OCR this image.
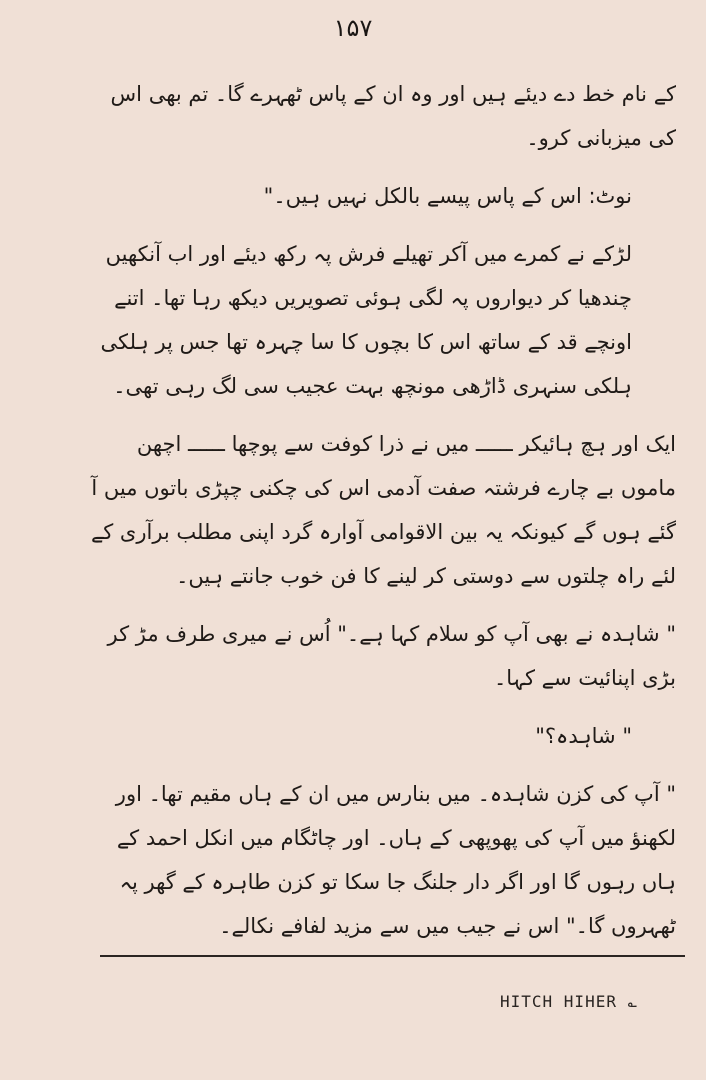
۱۵۷

کے نام خط دے دیئے ہیں اور وہ ان کے پاس ٹھہرے گا۔ تم بھی اس کی میزبانی کرو۔

نوٹ: اس کے پاس پیسے بالکل نہیں ہیں۔"

لڑکے نے کمرے میں آکر تھیلے فرش پہ رکھ دیئے اور اب آنکھیں چندھیا کر دیواروں پہ لگی ہوئی تصویریں دیکھ رہا تھا۔ اتنے اونچے قد کے ساتھ اس کا بچوں کا سا چہرہ تھا جس پر ہلکی ہلکی سنہری ڈاڑھی مونچھ بہت عجیب سی لگ رہی تھی۔

ایک اور ہچ ہائیکر ــــــ میں نے ذرا کوفت سے پوچھا ــــــ اچھن ماموں بے چارے فرشتہ صفت آدمی اس کی چکنی چپڑی باتوں میں آ گئے ہوں گے کیونکہ یہ بین الاقوامی آوارہ گرد اپنی مطلب برآری کے لئے راہ چلتوں سے دوستی کر لینے کا فن خوب جانتے ہیں۔

" شاہدہ نے بھی آپ کو سلام کہا ہے۔" اُس نے میری طرف مڑ کر بڑی اپنائیت سے کہا۔

" شاہدہ؟"

" آپ کی کزن شاہدہ۔ میں بنارس میں ان کے ہاں مقیم تھا۔ اور لکھنؤ میں آپ کی پھوپھی کے ہاں۔ اور چاٹگام میں انکل احمد کے ہاں رہوں گا اور اگر دار جلنگ جا سکا تو کزن طاہرہ کے گھر پہ ٹھہروں گا۔" اس نے جیب میں سے مزید لفافے نکالے۔

HITCH HIHER ؎
